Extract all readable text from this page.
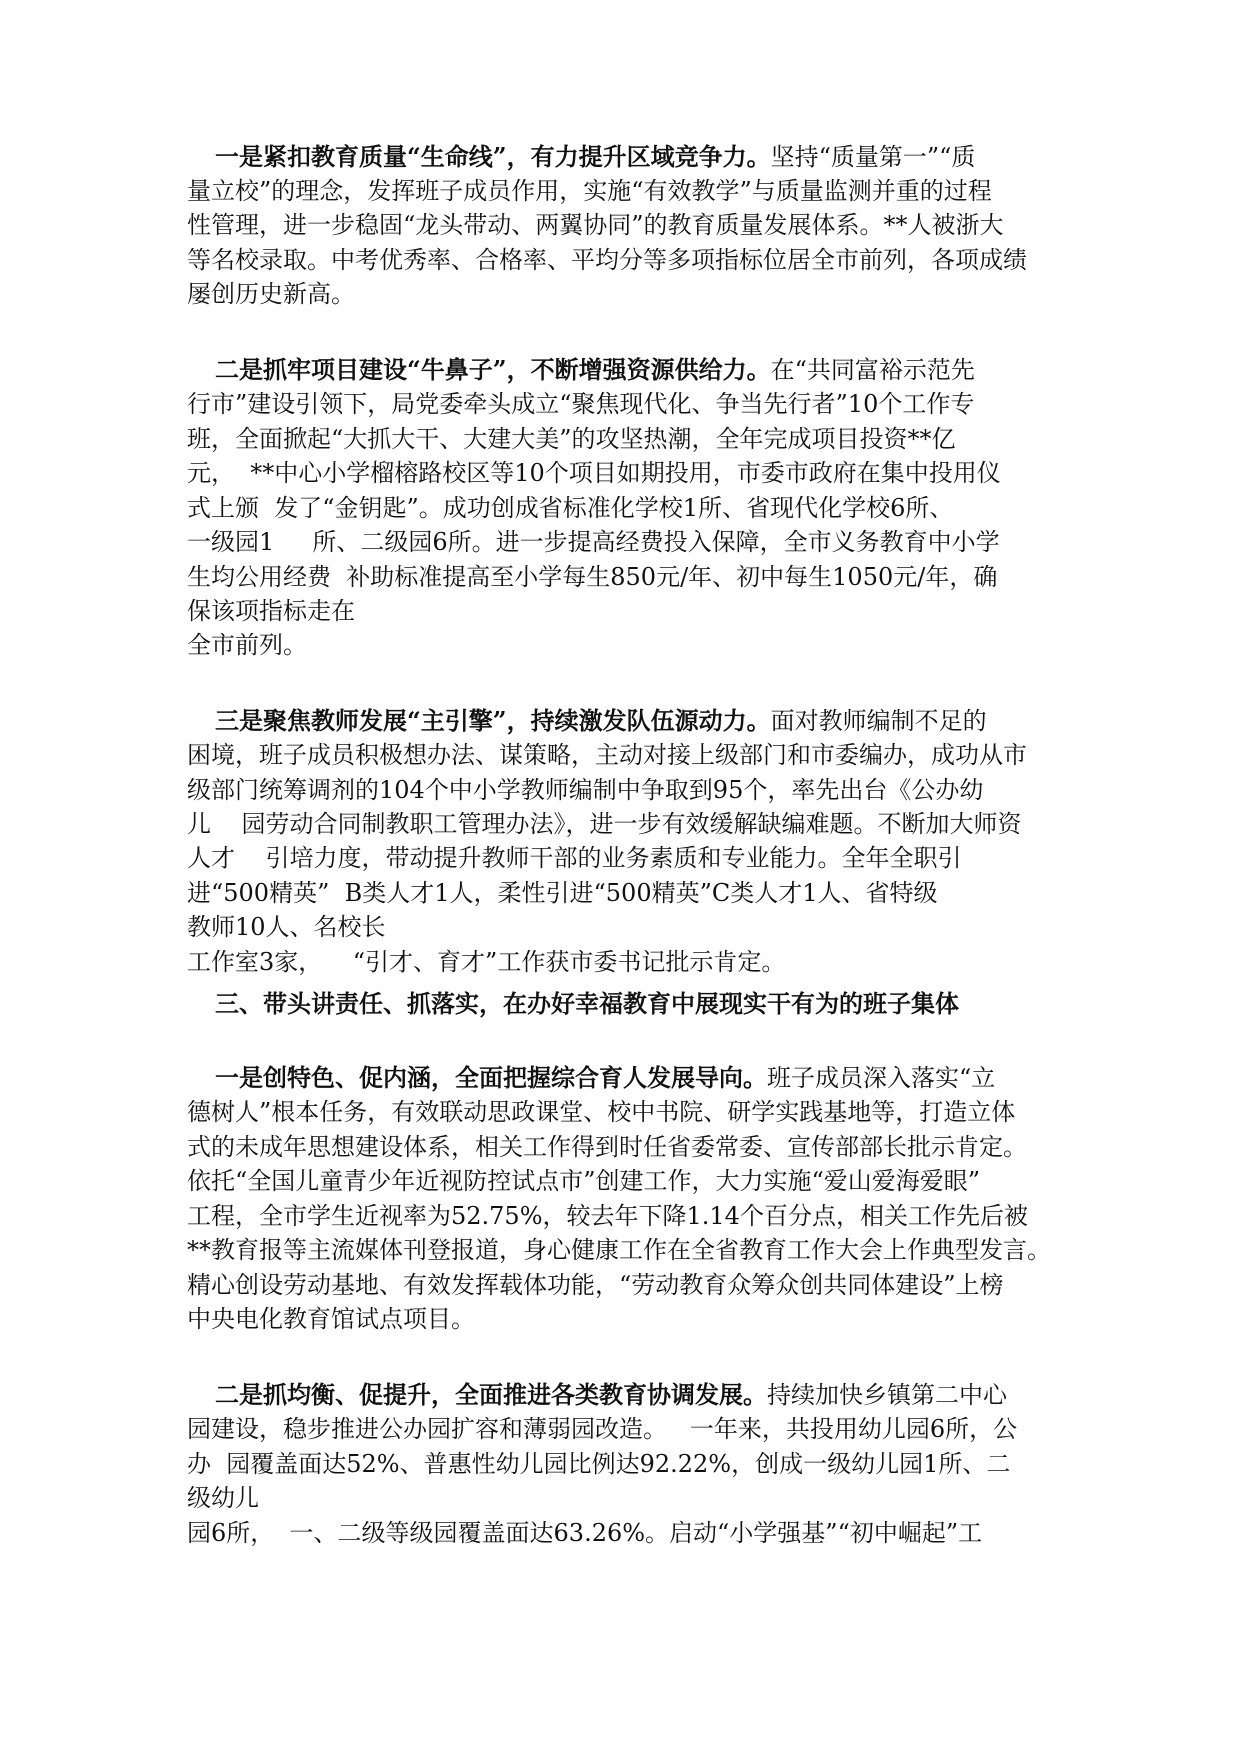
一是紧扣教育质量“生命线”，有力提升区域竞争力。坚持“质量第一”“质

量立校”的理念，发挥班子成员作用，实施“有效教学”与质量监测并重的过程

性管理，进一步稳固“龙头带动、两翼协同”的教育质量发展体系。**人被浙大

等名校录取。中考优秀率、合格率、平均分等多项指标位居全市前列，各项成绩

屡创历史新高。

二是抓牢项目建设“牛鼻子”，不断增强资源供给力。在“共同富裕示范先

行市”建设引领下，局党委牵头成立“聚焦现代化、争当先行者”10个工作专

班，全面掀起“大抓大干、大建大美”的攻坚热潮，全年完成项目投资**亿

元，  **中心小学榴榕路校区等10个项目如期投用，市委市政府在集中投用仪

式上颁  发了“金钥匙”。成功创成省标准化学校1所、省现代化学校6所、

一级园1     所、二级园6所。进一步提高经费投入保障，全市义务教育中小学

生均公用经费  补助标准提高至小学每生850元/年、初中每生1050元/年，确

保该项指标走在

全市前列。

三是聚焦教师发展“主引擎”，持续激发队伍源动力。面对教师编制不足的

困境，班子成员积极想办法、谋策略，主动对接上级部门和市委编办，成功从市

级部门统筹调剂的104个中小学教师编制中争取到95个，率先出台《公办幼

儿    园劳动合同制教职工管理办法》，进一步有效缓解缺编难题。不断加大师资

人才    引培力度，带动提升教师干部的业务素质和专业能力。全年全职引

进“500精英”  B类人才1人，柔性引进“500精英”C类人才1人、省特级

教师10人、名校长

工作室3家，    “引才、育才”工作获市委书记批示肯定。

三、带头讲责任、抓落实，在办好幸福教育中展现实干有为的班子集体

一是创特色、促内涵，全面把握综合育人发展导向。班子成员深入落实“立

德树人”根本任务，有效联动思政课堂、校中书院、研学实践基地等，打造立体

式的未成年思想建设体系，相关工作得到时任省委常委、宣传部部长批示肯定。

依托“全国儿童青少年近视防控试点市”创建工作，大力实施“爱山爱海爱眼”

工程，全市学生近视率为52.75%，较去年下降1.14个百分点，相关工作先后被

**教育报等主流媒体刊登报道，身心健康工作在全省教育工作大会上作典型发言。

精心创设劳动基地、有效发挥载体功能，“劳动教育众筹众创共同体建设”上榜

中央电化教育馆试点项目。

二是抓均衡、促提升，全面推进各类教育协调发展。持续加快乡镇第二中心

园建设，稳步推进公办园扩容和薄弱园改造。   一年来，共投用幼儿园6所，公

办  园覆盖面达52%、普惠性幼儿园比例达92.22%，创成一级幼儿园1所、二

级幼儿

园6所，  一、二级等级园覆盖面达63.26%。启动“小学强基”“初中崛起”工
